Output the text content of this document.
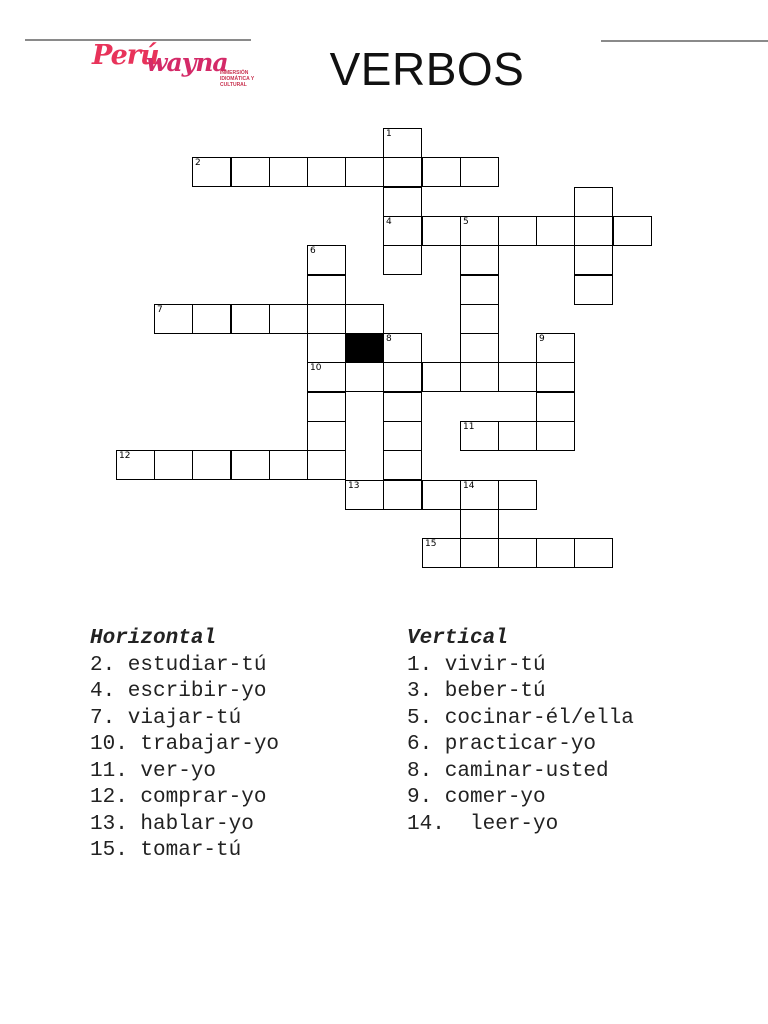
Perú
wayna
INMERSIÓN IDIOMÁTICA Y CULTURAL	VERBOS
1
2
4	5
6
7
8	9
10
11
12
13	14
15
Horizontal
2. estudiar-tú
4. escribir-yo
7. viajar-tú
10. trabajar-yo
11. ver-yo
12. comprar-yo
13. hablar-yo
15. tomar-tú
Vertical
1. vivir-tú
3. beber-tú
5. cocinar-él/ella
6. practicar-yo
8. caminar-usted
9. comer-yo
14.  leer-yo
